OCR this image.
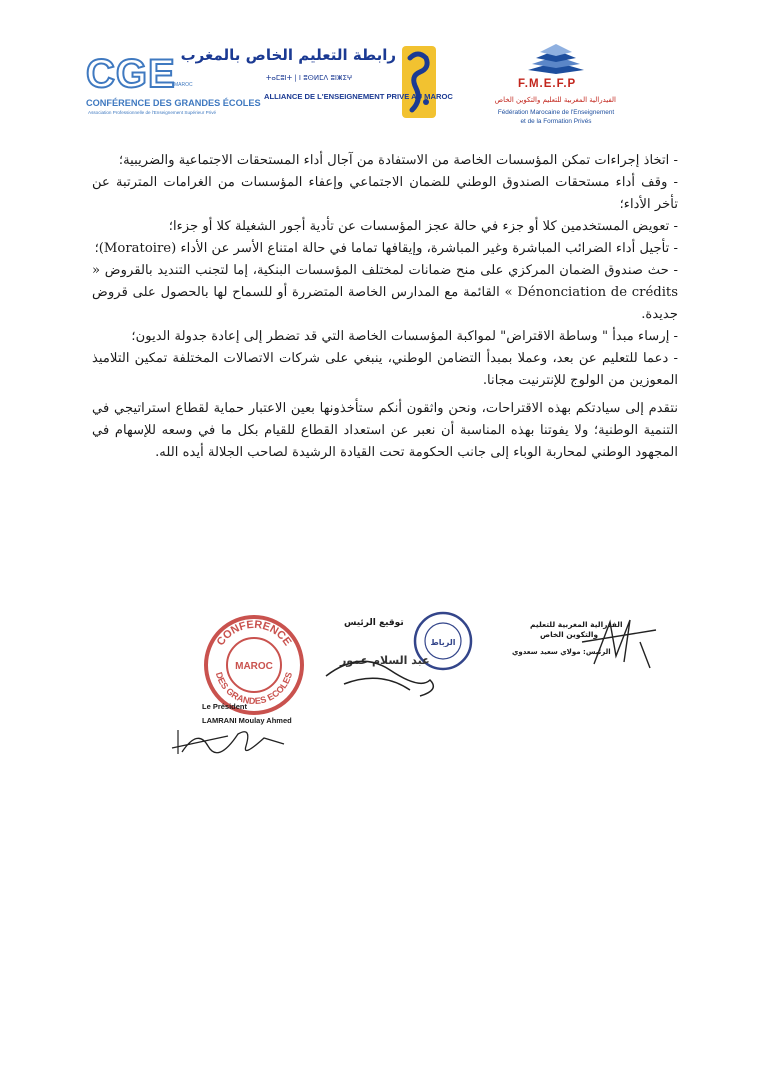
CGE
MAROC
CONFÉRENCE DES GRANDES ÉCOLES
Association Professionnelle de l'Enseignement Supérieur Privé
رابطة التعليم الخاص بالمغرب
ⵜⴰⵎⵓⵏⵜ | ⵏ ⵓⵙⵍⵎⴷ ⵓⵏⵥⵉⵖ
ALLIANCE DE L'ENSEIGNEMENT PRIVE AU MAROC
F.M.E.F.P
الفيدرالية المغربية للتعليم والتكوين الخاص
Fédération Marocaine de l'Enseignement
et de la Formation Privés

- اتخاذ إجراءات تمكن المؤسسات الخاصة من الاستفادة من آجال أداء المستحقات الاجتماعية والضريبية؛

- وقف أداء مستحقات الصندوق الوطني للضمان الاجتماعي وإعفاء المؤسسات من الغرامات المترتبة عن تأخر الأداء؛

- تعويض المستخدمين كلا أو جزء في حالة عجز المؤسسات عن تأدية أجور الشغيلة كلا أو جزءا؛

- تأجيل أداء الضرائب المباشرة وغير المباشرة، وإيقافها تماما في حالة امتناع الأسر عن الأداء (Moratoire)؛

- حث صندوق الضمان المركزي على منح ضمانات لمختلف المؤسسات البنكية، إما لتجنب التنديد بالقروض « Dénonciation de crédits » القائمة مع المدارس الخاصة المتضررة أو للسماح لها بالحصول على قروض جديدة.

- إرساء مبدأ " وساطة الاقتراض" لمواكبة المؤسسات الخاصة التي قد تضطر إلى إعادة جدولة الديون؛

- دعما للتعليم عن بعد، وعملا بمبدأ التضامن الوطني، ينبغي على شركات الاتصالات المختلفة تمكين التلاميذ المعوزين من الولوج للإنترنيت مجانا.

نتقدم إلى سيادتكم بهذه الاقتراحات، ونحن واثقون أنكم ستأخذونها بعين الاعتبار حماية لقطاع استراتيجي في التنمية الوطنية؛ ولا يفوتنا بهذه المناسبة أن نعبر عن استعداد القطاع للقيام بكل ما في وسعه للإسهام في المجهود الوطني لمحاربة الوباء إلى جانب الحكومة تحت القيادة الرشيدة لصاحب الجلالة أيده الله.

CONFERENCE
DES GRANDES ECOLES
MAROC
Le Président
LAMRANI Moulay Ahmed
توقيع الرئيس
الرباط
عبد السلام عمور
الفدرالية المغربية للتعليم
والتكوين الخاص
الرئيس: مولاي سعيد سعدوي
